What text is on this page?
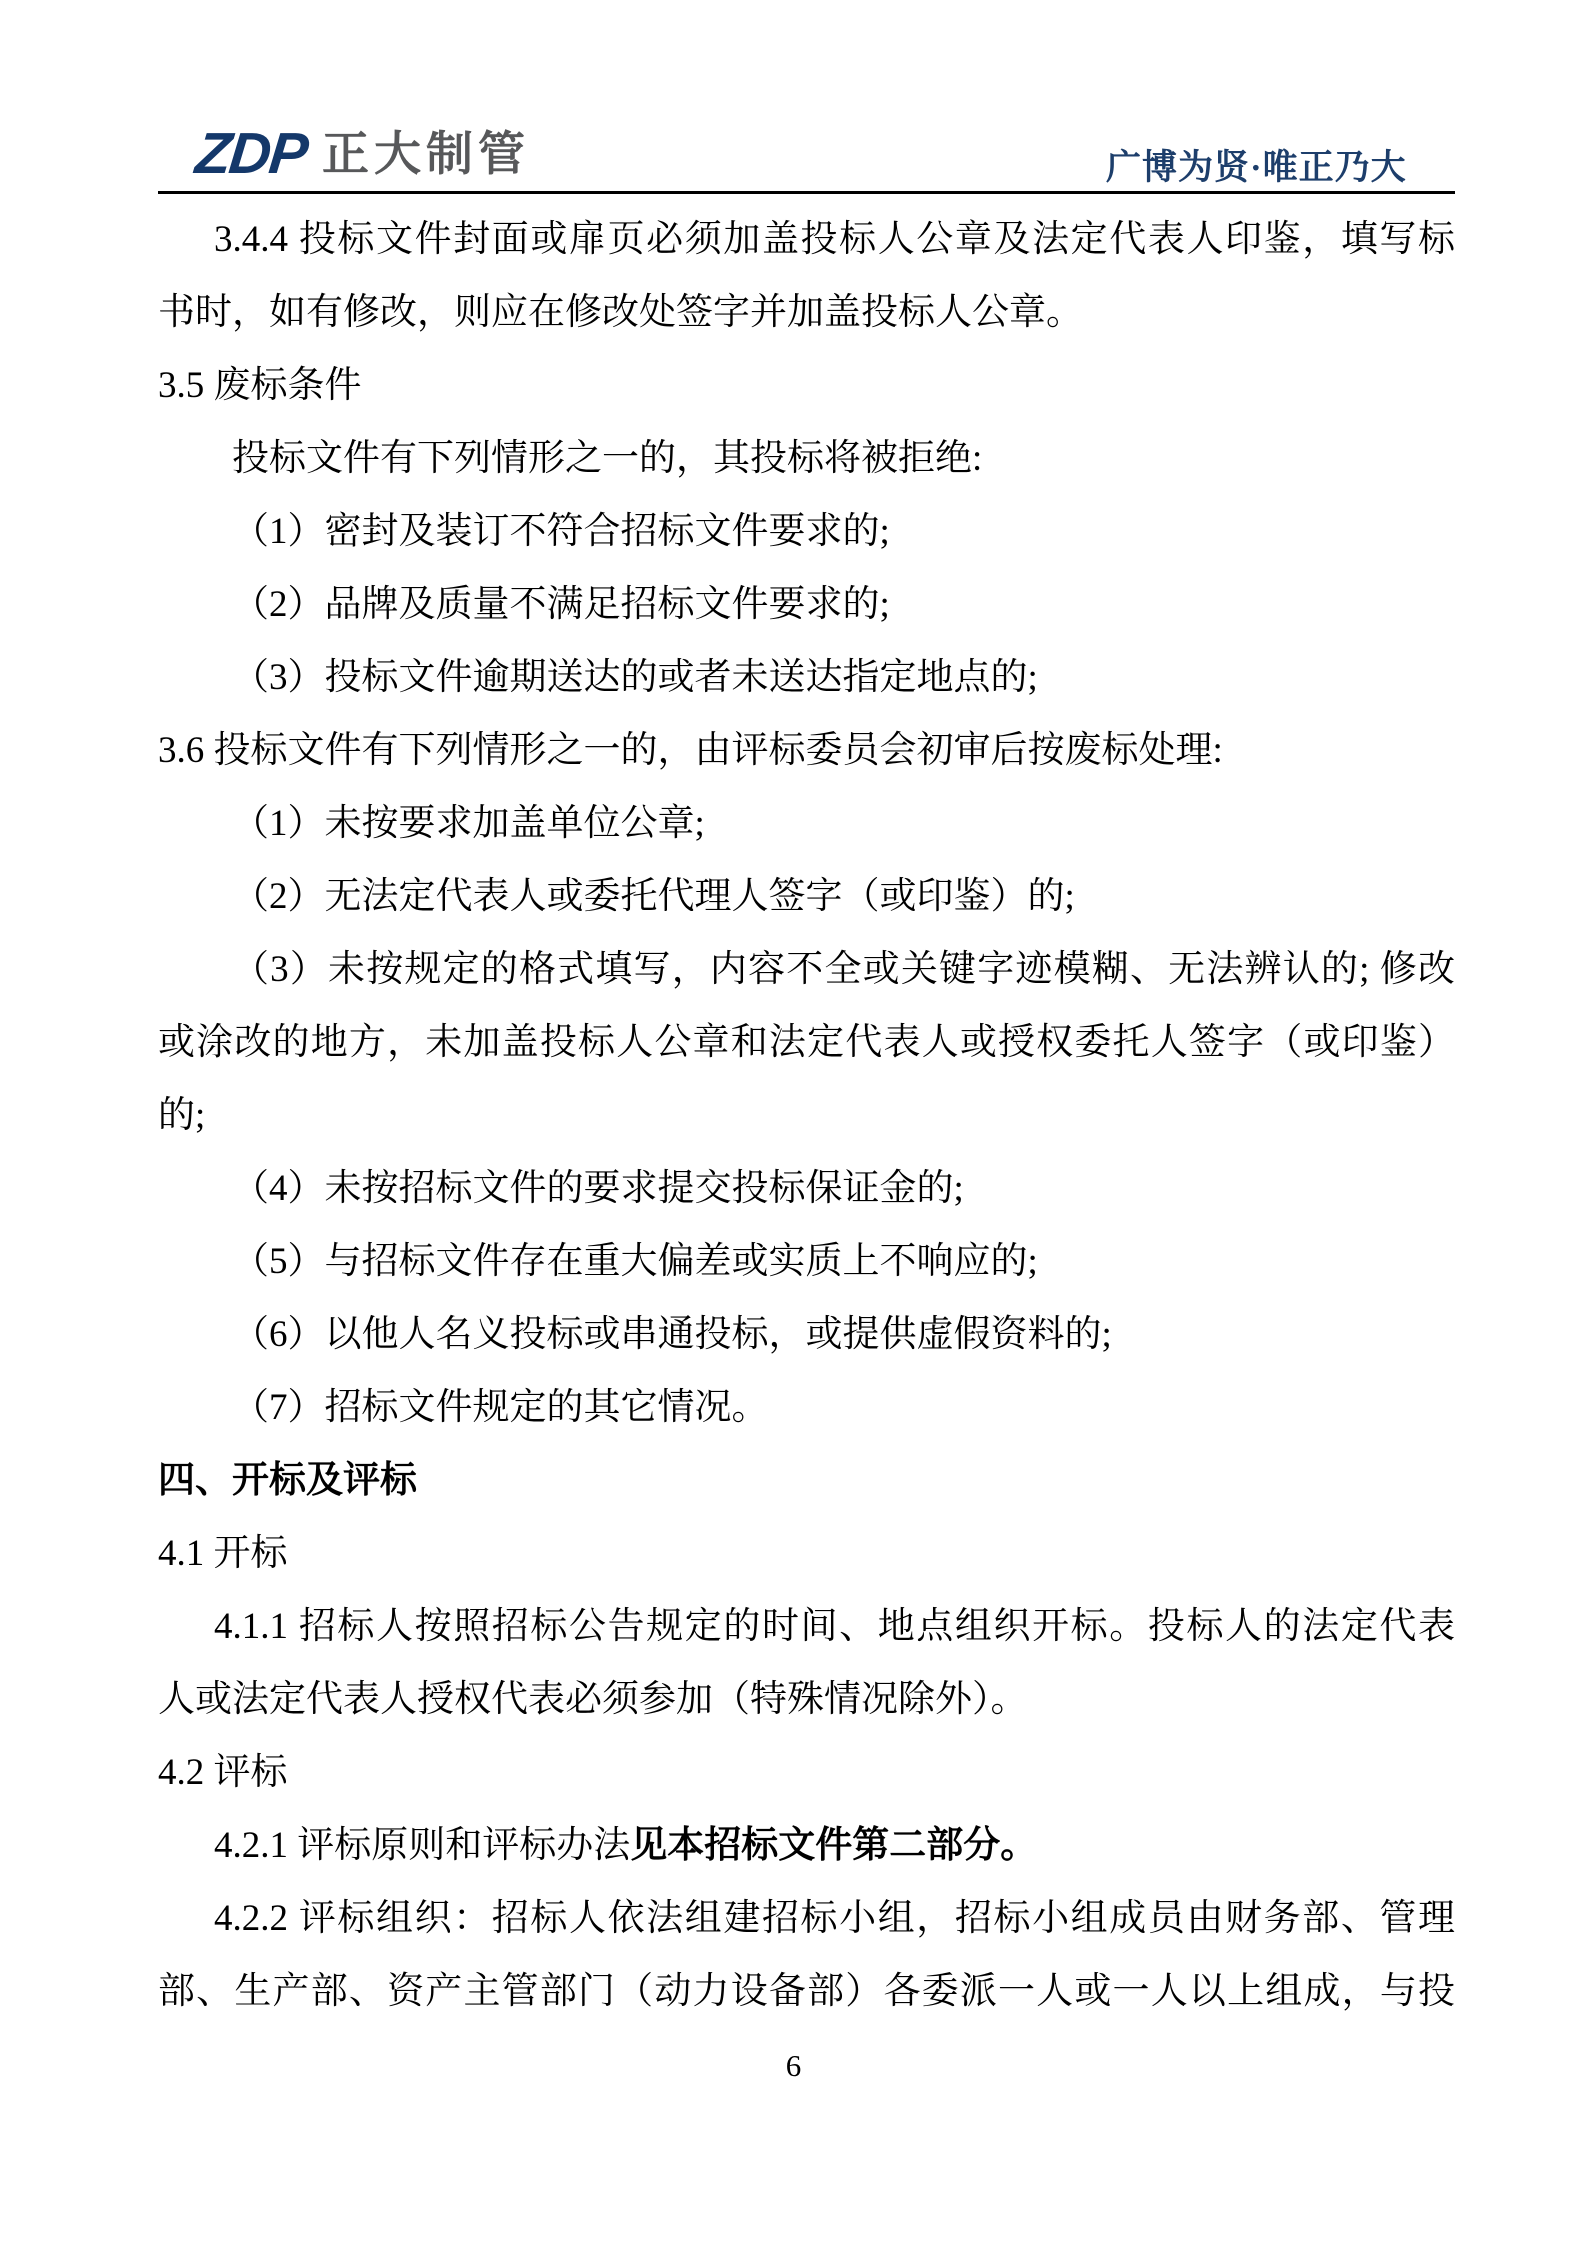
ZDP 正大制管	广博为贤·唯正乃大
3.4.4 投标文件封面或扉页必须加盖投标人公章及法定代表人印鉴，填写标
书时，如有修改，则应在修改处签字并加盖投标人公章。
3.5 废标条件
投标文件有下列情形之一的，其投标将被拒绝:
（1）密封及装订不符合招标文件要求的;
（2）品牌及质量不满足招标文件要求的;
（3）投标文件逾期送达的或者未送达指定地点的;
3.6 投标文件有下列情形之一的，由评标委员会初审后按废标处理:
（1）未按要求加盖单位公章;
（2）无法定代表人或委托代理人签字（或印鉴）的;
（3）未按规定的格式填写，内容不全或关键字迹模糊、无法辨认的; 修改
或涂改的地方，未加盖投标人公章和法定代表人或授权委托人签字（或印鉴）
的;
（4）未按招标文件的要求提交投标保证金的;
（5）与招标文件存在重大偏差或实质上不响应的;
（6）以他人名义投标或串通投标，或提供虚假资料的;
（7）招标文件规定的其它情况。
四、开标及评标
4.1 开标
4.1.1 招标人按照招标公告规定的时间、地点组织开标。投标人的法定代表
人或法定代表人授权代表必须参加（特殊情况除外）。
4.2 评标
4.2.1 评标原则和评标办法见本招标文件第二部分。
4.2.2 评标组织：招标人依法组建招标小组，招标小组成员由财务部、管理
部、生产部、资产主管部门（动力设备部）各委派一人或一人以上组成，与投
6
